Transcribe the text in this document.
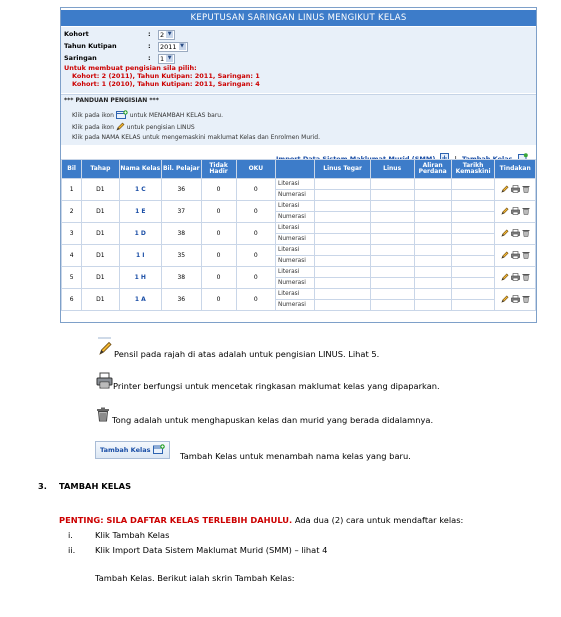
KEPUTUSAN SARINGAN LINUS MENGIKUT KELAS
Kohort	:	2 ▼
Tahun Kutipan	:	2011 ▼
Saringan	:	1 ▼
Untuk membuat pengisian sila pilih:
Kohort: 2 (2011), Tahun Kutipan: 2011, Saringan: 1
Kohort: 1 (2010), Tahun Kutipan: 2011, Saringan: 4
*** PANDUAN PENGISIAN ***
Klik pada ikon	untuk MENAMBAH KELAS baru.
Klik pada ikon untuk pengisian LINUS
Klik pada NAMA KELAS untuk mengemaskini maklumat Kelas dan Enrolmen Murid.

Bil	Tahap	Nama Kelas	Bil. Pelajar	Tidak Hadir	OKU		Linus Tegar	Linus	Aliran Perdana	Tarikh Kemaskini	Tindakan
1	D1	1 C	36	0	0	Literasi					
						Numerasi					
2	D1	1 E	37	0	0	Literasi					
						Numerasi					
3	D1	1 D	38	0	0	Literasi					
						Numerasi					
4	D1	1 I	35	0	0	Literasi					
						Numerasi					
5	D1	1 H	38	0	0	Literasi					
						Numerasi					
6	D1	1 A	36	0	0	Literasi					
						Numerasi					
Pensil pada rajah di atas adalah untuk pengisian LINUS. Lihat 5.
Printer berfungsi untuk mencetak ringkasan maklumat kelas yang dipaparkan.
Tong adalah untuk menghapuskan kelas dan murid yang berada didalamnya.
Tambah Kelas
Tambah Kelas untuk menambah nama kelas yang baru.
3. TAMBAH KELAS
PENTING: SILA DAFTAR KELAS TERLEBIH DAHULU. Ada dua (2) cara untuk mendaftar kelas:
i.	Klik Tambah Kelas
ii. Klik Import Data Sistem Maklumat Murid (SMM) – lihat 4
Tambah Kelas. Berikut ialah skrin Tambah Kelas:
